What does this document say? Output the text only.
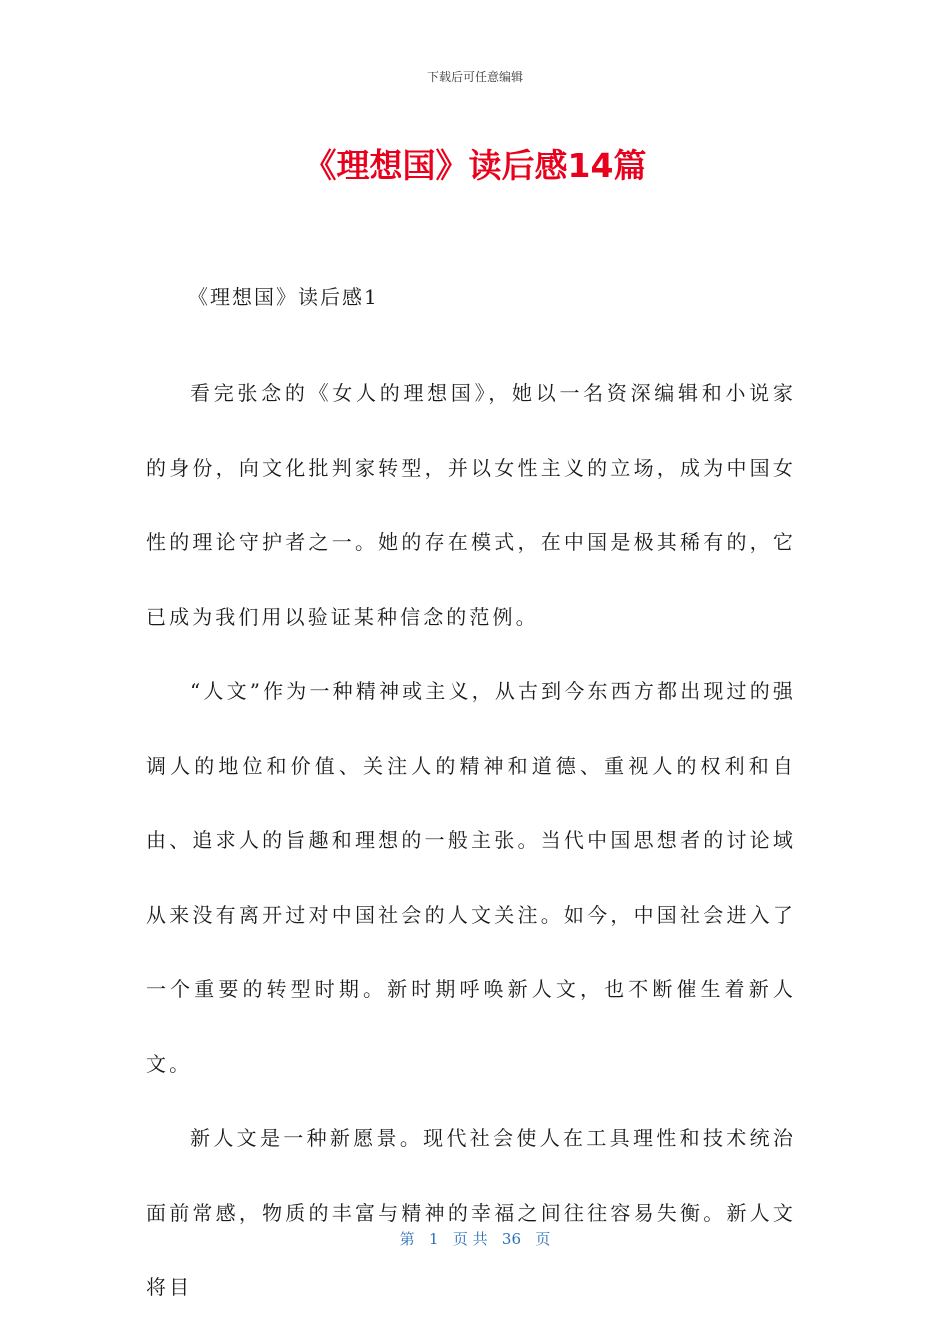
下载后可任意编辑
《理想国》读后感14篇
《理想国》读后感1

看完张念的《女人的理想国》，她以一名资深编辑和小说家的身份，向文化批判家转型，并以女性主义的立场，成为中国女性的理论守护者之一。她的存在模式，在中国是极其稀有的，它已成为我们用以验证某种信念的范例。

“人文”作为一种精神或主义，从古到今东西方都出现过的强调人的地位和价值、关注人的精神和道德、重视人的权利和自由、追求人的旨趣和理想的一般主张。当代中国思想者的讨论域从来没有离开过对中国社会的人文关注。如今，中国社会进入了一个重要的转型时期。新时期呼唤新人文，也不断催生着新人文。

新人文是一种新愿景。现代社会使人在工具理性和技术统治面前常感，物质的丰富与精神的幸福之间往往容易失衡。新人文将目

第 1 页 共 36 页
